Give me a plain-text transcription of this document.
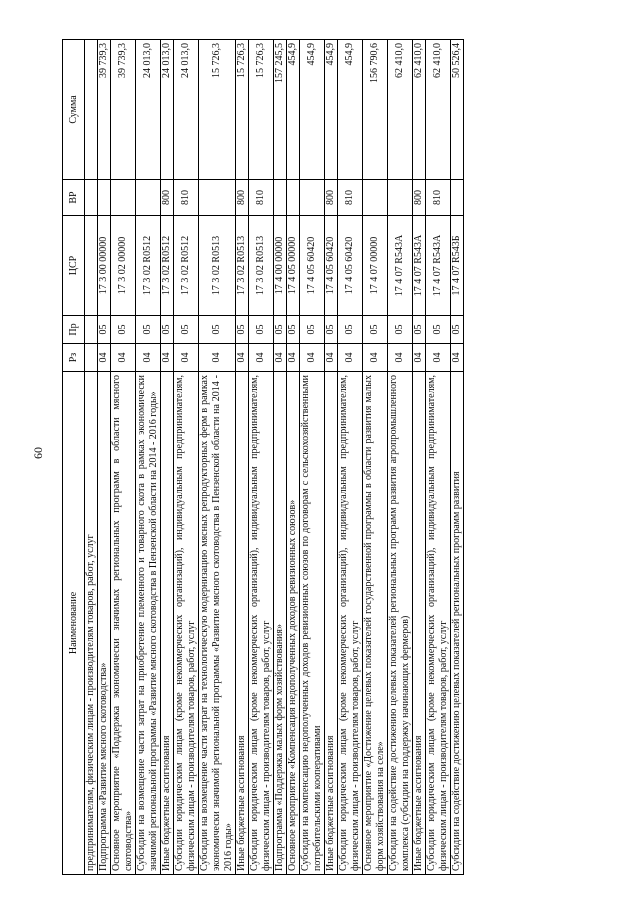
60
Наименование	Рз	Пр	ЦСР	ВР	Сумма
предпринимателям, физическим лицам - производителям товаров, работ, услуг					
Подпрограмма «Развитие мясного скотоводства»	04	05	17 3 00 00000		39 739,3
Основное мероприятие «Поддержка экономически значимых региональных программ в области мясного скотоводства»	04	05	17 3 02 00000		39 739,3
Субсидии на возмещение части затрат на приобретение племенного и товарного скота в рамках экономически значимой региональной программы «Развитие мясного скотоводства в Пензенской области на 2014 - 2016 годы»	04	05	17 3 02 R0512		24 013,0
Иные бюджетные ассигнования	04	05	17 3 02 R0512	800	24 013,0
Субсидии юридическим лицам (кроме некоммерческих организаций), индивидуальным предпринимателям, физическим лицам - производителям товаров, работ, услуг	04	05	17 3 02 R0512	810	24 013,0
Субсидии на возмещение части затрат на технологическую модернизацию мясных репродукторных ферм в рамках экономически значимой региональной программы «Развитие мясного скотоводства в Пензенской области на 2014 - 2016 годы»	04	05	17 3 02 R0513		15 726,3
Иные бюджетные ассигнования	04	05	17 3 02 R0513	800	15 726,3
Субсидии юридическим лицам (кроме некоммерческих организаций), индивидуальным предпринимателям, физическим лицам - производителям товаров, работ, услуг	04	05	17 3 02 R0513	810	15 726,3
Подпрограмма «Поддержка малых форм хозяйствования»	04	05	17 4 00 00000		157 245,5
Основное мероприятие «Компенсация недополученных доходов ревизионных союзов»	04	05	17 4 05 00000		454,9
Субсидии на компенсацию недополученных доходов ревизионных союзов по договорам с сельскохозяйственными потребительскими кооперативами	04	05	17 4 05 60420		454,9
Иные бюджетные ассигнования	04	05	17 4 05 60420	800	454,9
Субсидии юридическим лицам (кроме некоммерческих организаций), индивидуальным предпринимателям, физическим лицам - производителям товаров, работ, услуг	04	05	17 4 05 60420	810	454,9
Основное мероприятие «Достижение целевых показателей государственной программы в области развития малых форм хозяйствования на селе»	04	05	17 4 07 00000		156 790,6
Субсидии на содействие достижению целевых показателей региональных программ развития агропромышленного комплекса (субсидии на поддержку начинающих фермеров)	04	05	17 4 07 R543A		62 410,0
Иные бюджетные ассигнования	04	05	17 4 07 R543A	800	62 410,0
Субсидии юридическим лицам (кроме некоммерческих организаций), индивидуальным предпринимателям, физическим лицам - производителям товаров, работ, услуг	04	05	17 4 07 R543A	810	62 410,0
Субсидии на содействие достижению целевых показателей региональных программ развития	04	05	17 4 07 R543Б		50 526,4
